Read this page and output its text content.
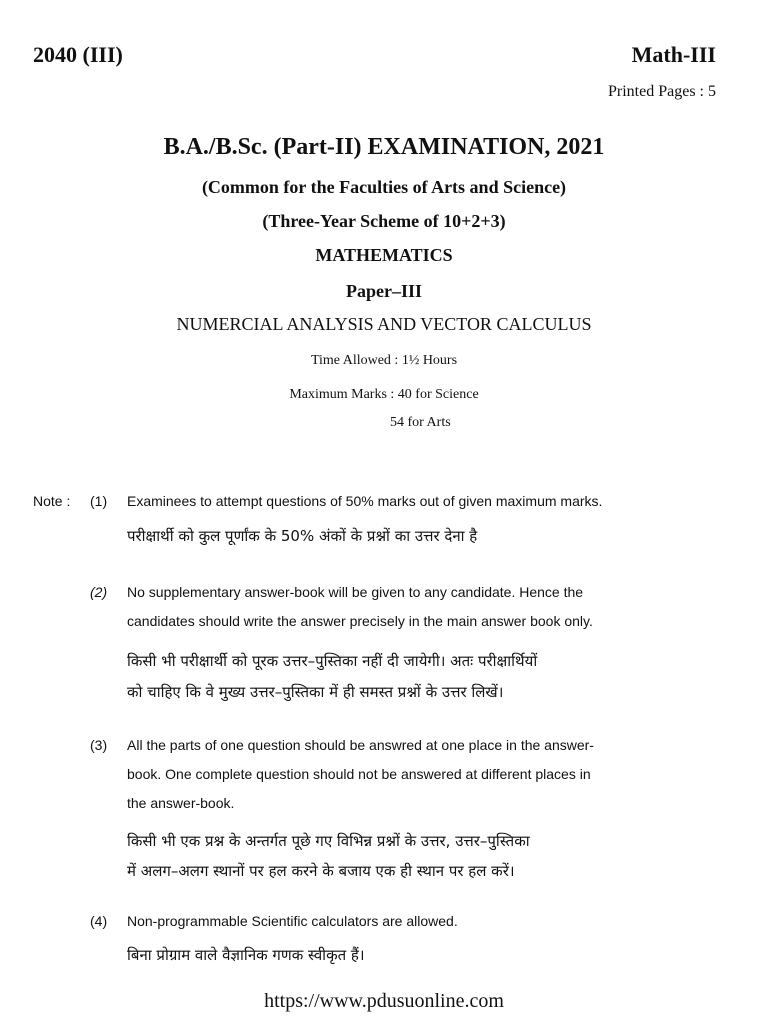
2040 (III)	Math-III
Printed Pages : 5
B.A./B.Sc. (Part-II) EXAMINATION, 2021
(Common for the Faculties of Arts and Science)
(Three-Year Scheme of 10+2+3)
MATHEMATICS
Paper–III
NUMERCIAL ANALYSIS AND VECTOR CALCULUS
Time Allowed : 1½ Hours
Maximum Marks : 40 for Science
54 for Arts
Note : (1) Examinees to attempt questions of 50% marks out of given maximum marks.
परीक्षार्थी को कुल पूर्णांक के 50% अंकों के प्रश्नों का उत्तर देना है
(2) No supplementary answer-book will be given to any candidate. Hence the
candidates should write the answer precisely in the main answer book only.
किसी भी परीक्षार्थी को पूरक उत्तर–पुस्तिका नहीं दी जायेगी। अतः परीक्षार्थियों
को चाहिए कि वे मुख्य उत्तर–पुस्तिका में ही समस्त प्रश्नों के उत्तर लिखें।
(3) All the parts of one question should be answred at one place in the answer-
book. One complete question should not be answered at different places in
the answer-book.
किसी भी एक प्रश्न के अन्तर्गत पूछे गए विभिन्न प्रश्नों के उत्तर, उत्तर–पुस्तिका
में अलग–अलग स्थानों पर हल करने के बजाय एक ही स्थान पर हल करें।
(4) Non-programmable Scientific calculators are allowed.
बिना प्रोग्राम वाले वैज्ञानिक गणक स्वीकृत हैं।
https://www.pdusuonline.com
